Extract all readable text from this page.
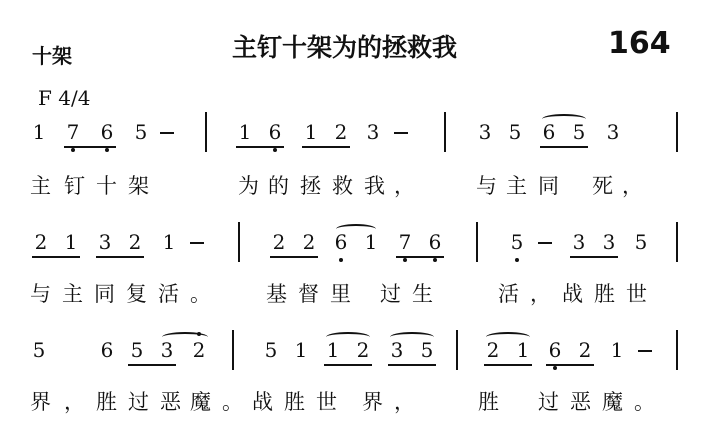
十架	主钉十架为的拯救我	164
F 4/4
1 7 6 5	1 6 1 2 3	3 5 6 5 3
主 钉 十 架	为 的 拯 救 我 ，	与 主 同 死 ，
2 1 3 2 1	2 2 6 1 7 6	5 3 3 5
与 主 同 复 活 。	基 督 里 过 生	活 ， 战 胜 世
5	6 5 3 2	5 1 1 2 3 5	2 1 6 2 1
界 ， 胜 过 恶 魔 。 战 胜 世 界 ，	胜 过 恶 魔 。
